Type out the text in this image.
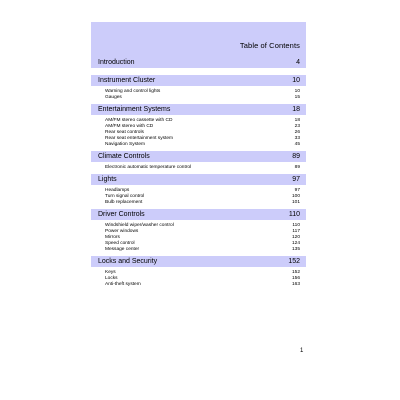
Table of Contents
Introduction	4
Instrument Cluster	10
Warning and control lights	10
Gauges	15
Entertainment Systems	18
AM/FM stereo cassette with CD	18
AM/FM stereo with CD	23
Rear seat controls	26
Rear seat entertainment system	33
Navigation System	45
Climate Controls	89
Electronic automatic temperature control	89
Lights	97
Headlamps	97
Turn signal control	100
Bulb replacement	101
Driver Controls	110
Windshield wiper/washer control	110
Power windows	117
Mirrors	120
Speed control	124
Message center	135
Locks and Security	152
Keys	152
Locks	156
Anti-theft system	163
1
